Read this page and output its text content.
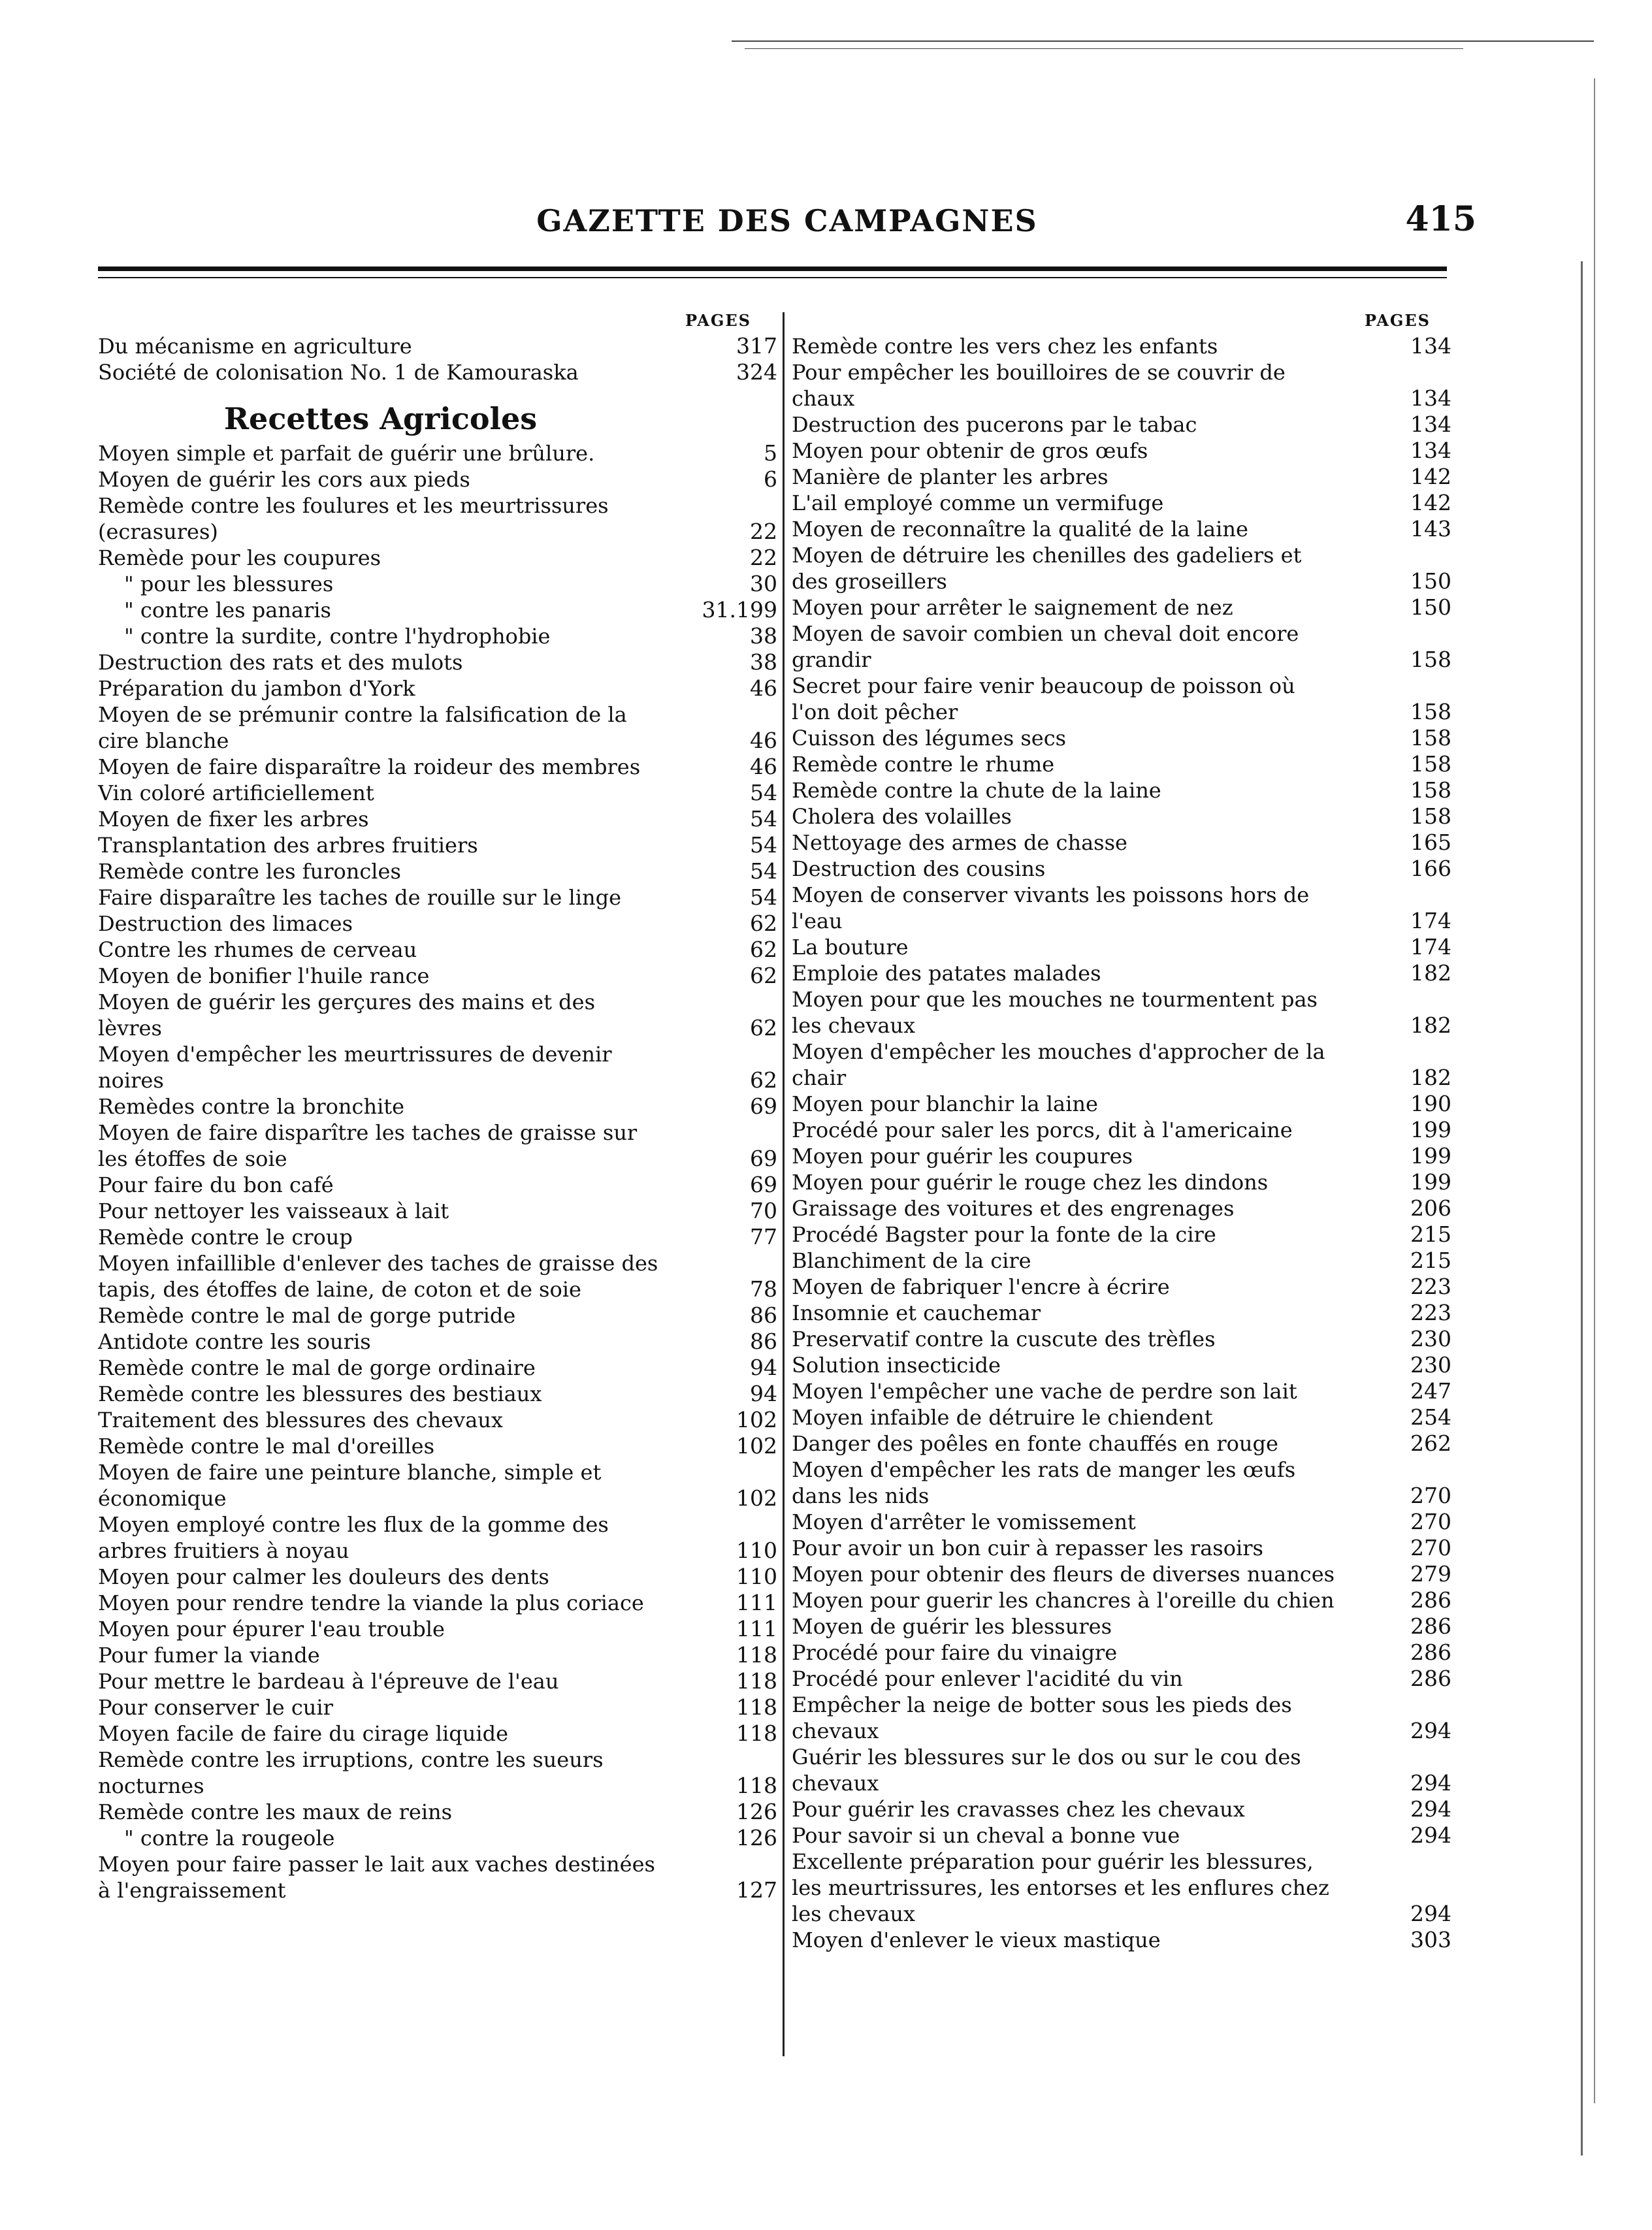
GAZETTE DES CAMPAGNES	415
PAGES
Du mécanisme en agriculture	317
Société de colonisation No. 1 de Kamouraska	324
Recettes Agricoles
Moyen simple et parfait de guérir une brûlure.	5
Moyen de guérir les cors aux pieds	6
Remède contre les foulures et les meurtrissures (ecrasures)	22
Remède pour les coupures	22
" pour les blessures	30
" contre les panaris	31.199
" contre la surdite, contre l'hydrophobie	38
Destruction des rats et des mulots	38
Préparation du jambon d'York	46
Moyen de se prémunir contre la falsification de la cire blanche	46
Moyen de faire disparaître la roideur des membres	46
Vin coloré artificiellement	54
Moyen de fixer les arbres	54
Transplantation des arbres fruitiers	54
Remède contre les furoncles	54
Faire disparaître les taches de rouille sur le linge	54
Destruction des limaces	62
Contre les rhumes de cerveau	62
Moyen de bonifier l'huile rance	62
Moyen de guérir les gerçures des mains et des lèvres	62
Moyen d'empêcher les meurtrissures de devenir noires	62
Remèdes contre la bronchite	69
Moyen de faire disparître les taches de graisse sur les étoffes de soie	69
Pour faire du bon café	69
Pour nettoyer les vaisseaux à lait	70
Remède contre le croup	77
Moyen infaillible d'enlever des taches de graisse des tapis, des étoffes de laine, de coton et de soie	78
Remède contre le mal de gorge putride	86
Antidote contre les souris	86
Remède contre le mal de gorge ordinaire	94
Remède contre les blessures des bestiaux	94
Traitement des blessures des chevaux	102
Remède contre le mal d'oreilles	102
Moyen de faire une peinture blanche, simple et économique	102
Moyen employé contre les flux de la gomme des arbres fruitiers à noyau	110
Moyen pour calmer les douleurs des dents	110
Moyen pour rendre tendre la viande la plus coriace	111
Moyen pour épurer l'eau trouble	111
Pour fumer la viande	118
Pour mettre le bardeau à l'épreuve de l'eau	118
Pour conserver le cuir	118
Moyen facile de faire du cirage liquide	118
Remède contre les irruptions, contre les sueurs nocturnes	118
Remède contre les maux de reins	126
" contre la rougeole	126
Moyen pour faire passer le lait aux vaches destinées à l'engraissement	127
PAGES
Remède contre les vers chez les enfants	134
Pour empêcher les bouilloires de se couvrir de chaux	134
Destruction des pucerons par le tabac	134
Moyen pour obtenir de gros œufs	134
Manière de planter les arbres	142
L'ail employé comme un vermifuge	142
Moyen de reconnaître la qualité de la laine	143
Moyen de détruire les chenilles des gadeliers et des groseillers	150
Moyen pour arrêter le saignement de nez	150
Moyen de savoir combien un cheval doit encore grandir	158
Secret pour faire venir beaucoup de poisson où l'on doit pêcher	158
Cuisson des légumes secs	158
Remède contre le rhume	158
Remède contre la chute de la laine	158
Cholera des volailles	158
Nettoyage des armes de chasse	165
Destruction des cousins	166
Moyen de conserver vivants les poissons hors de l'eau	174
La bouture	174
Emploie des patates malades	182
Moyen pour que les mouches ne tourmentent pas les chevaux	182
Moyen d'empêcher les mouches d'approcher de la chair	182
Moyen pour blanchir la laine	190
Procédé pour saler les porcs, dit à l'americaine	199
Moyen pour guérir les coupures	199
Moyen pour guérir le rouge chez les dindons	199
Graissage des voitures et des engrenages	206
Procédé Bagster pour la fonte de la cire	215
Blanchiment de la cire	215
Moyen de fabriquer l'encre à écrire	223
Insomnie et cauchemar	223
Preservatif contre la cuscute des trèfles	230
Solution insecticide	230
Moyen l'empêcher une vache de perdre son lait	247
Moyen infaible de détruire le chiendent	254
Danger des poêles en fonte chauffés en rouge	262
Moyen d'empêcher les rats de manger les œufs dans les nids	270
Moyen d'arrêter le vomissement	270
Pour avoir un bon cuir à repasser les rasoirs	270
Moyen pour obtenir des fleurs de diverses nuances	279
Moyen pour guerir les chancres à l'oreille du chien	286
Moyen de guérir les blessures	286
Procédé pour faire du vinaigre	286
Procédé pour enlever l'acidité du vin	286
Empêcher la neige de botter sous les pieds des chevaux	294
Guérir les blessures sur le dos ou sur le cou des chevaux	294
Pour guérir les cravasses chez les chevaux	294
Pour savoir si un cheval a bonne vue	294
Excellente préparation pour guérir les blessures, les meurtrissures, les entorses et les enflures chez les chevaux	294
Moyen d'enlever le vieux mastique	303
